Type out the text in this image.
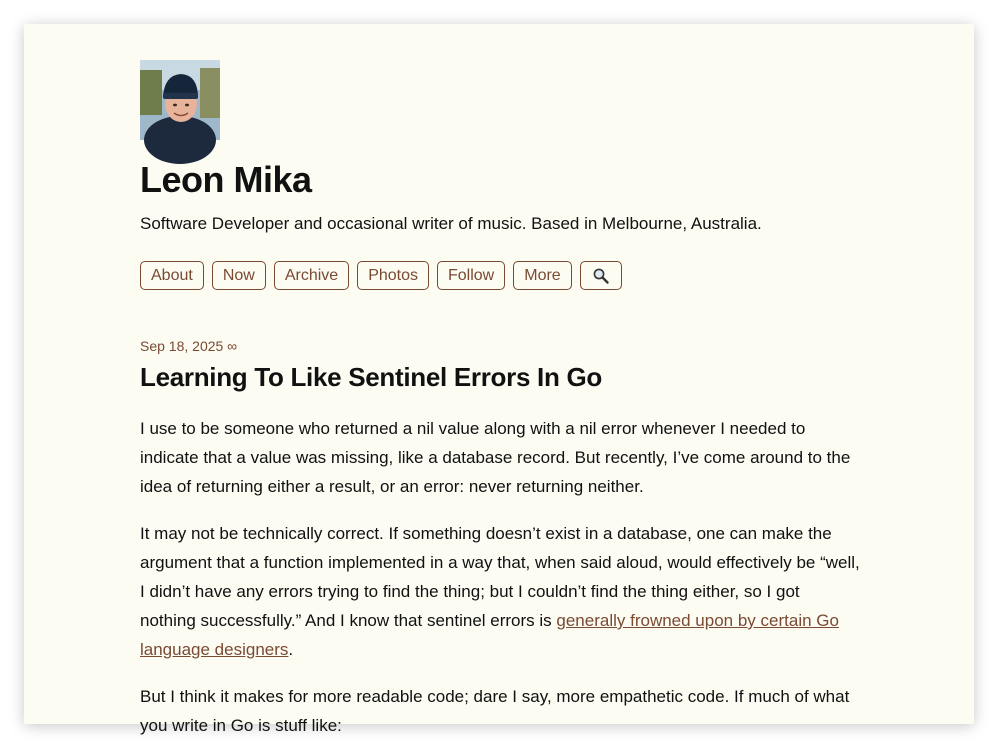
Leon Mika
Software Developer and occasional writer of music. Based in Melbourne, Australia.
About	Now	Archive	Photos	Follow	More
Sep 18, 2025 ∞
Learning To Like Sentinel Errors In Go

I use to be someone who returned a nil value along with a nil error whenever I needed to indicate that a value was missing, like a database record. But recently, I’ve come around to the idea of returning either a result, or an error: never returning neither.

It may not be technically correct. If something doesn’t exist in a database, one can make the argument that a function implemented in a way that, when said aloud, would effectively be “well, I didn’t have any errors trying to find the thing; but I couldn’t find the thing either, so I got nothing successfully.” And I know that sentinel errors is generally frowned upon by certain Go language designers.

But I think it makes for more readable code; dare I say, more empathetic code. If much of what you write in Go is stuff like:
